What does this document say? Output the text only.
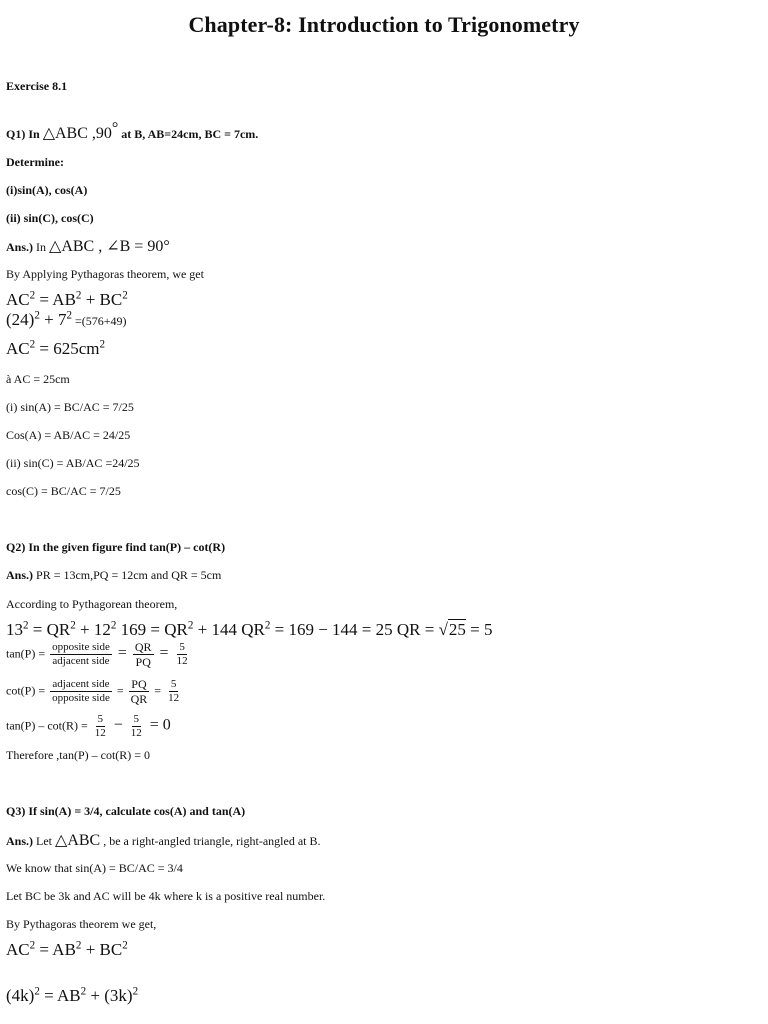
Chapter-8: Introduction to Trigonometry
Exercise 8.1
Q1) In △ABC ,90° at B, AB=24cm, BC = 7cm.
Determine:
(i)sin(A), cos(A)
(ii) sin(C), cos(C)
Ans.) In △ABC , ∠B = 90°
By Applying Pythagoras theorem, we get
$AC^2 = AB^2 + BC^2$
$(24)^2 + 7^2 =(576+49)$
$AC^2 = 625cm^2$
à AC = 25cm
(i) sin(A) = BC/AC = 7/25
Cos(A) = AB/AC = 24/25
(ii) sin(C) = AB/AC =24/25
cos(C) = BC/AC = 7/25
Q2) In the given figure find tan(P) – cot(R)
Ans.) PR = 13cm,PQ = 12cm and QR = 5cm
According to Pythagorean theorem,
$13^2 = QR^2 + 12^2$ $169 = QR^2 + 144$ $QR^2 = 169 - 144 = 25$ QR = √25 = 5
$\tan(P) = \frac{\text{opposite side}}{\text{adjacent side}} = \frac{QR}{PQ} = \frac{5}{12}$
$\cot(P) = \frac{\text{adjacent side}}{\text{opposite side}} = \frac{PQ}{QR} = \frac{5}{12}$
$\tan(P) - \cot(R) = \frac{5}{12} - \frac{5}{12} = 0$
Therefore ,tan(P) – cot(R) = 0
Q3) If sin(A) = 3/4, calculate cos(A) and tan(A)
Ans.) Let △ABC , be a right-angled triangle, right-angled at B.
We know that sin(A) = BC/AC = 3/4
Let BC be 3k and AC will be 4k where k is a positive real number.
By Pythagoras theorem we get,
$AC^2 = AB^2 + BC^2$
$(4k)^2 = AB^2 + (3k)^2$
